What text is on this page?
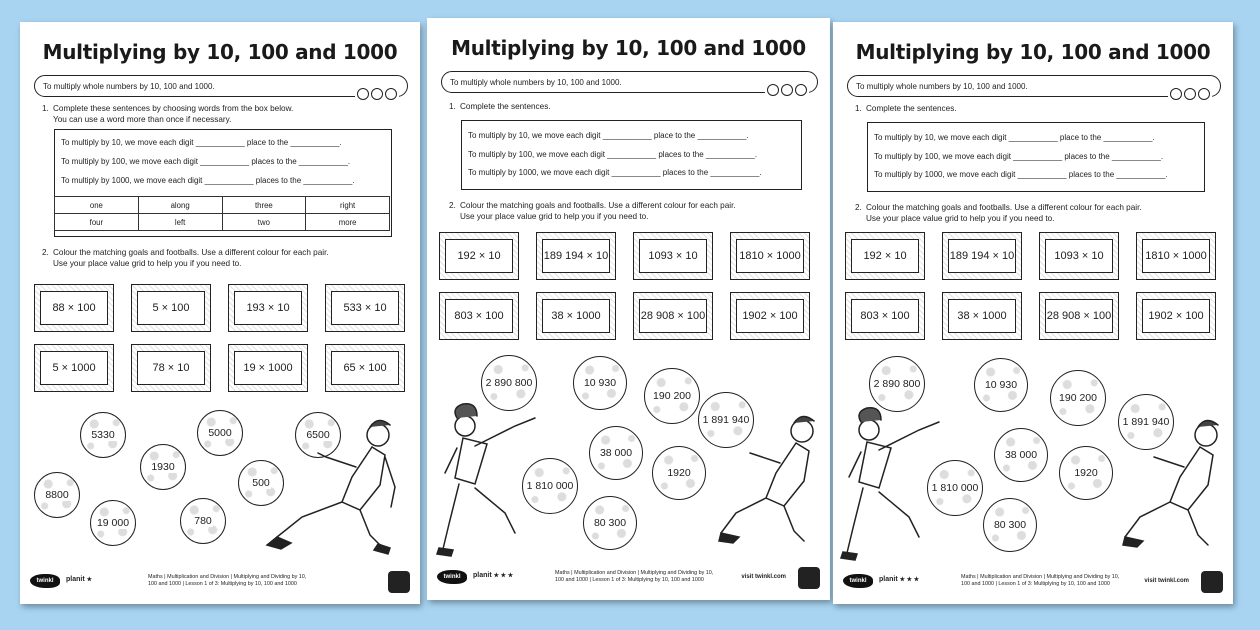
Multiplying by 10, 100 and 1000
To multiply whole numbers by 10, 100 and 1000.
1. Complete these sentences by choosing words from the box below.
You can use a word more than once if necessary.
To multiply by 10, we move each digit ___________ place to the ___________.
To multiply by 100, we move each digit ___________ places to the ___________.
To multiply by 1000, we move each digit ___________ places to the ___________.
one	along	three	right
four	left	two	more
2. Colour the matching goals and footballs. Use a different colour for each pair.
Use your place value grid to help you if you need to.
88 × 100	5 × 100	193 × 10	533 × 10
5 × 1000	78 × 10	19 × 1000	65 × 100
5330	5000	6500
1930
8800
500
19 000	780
twinkl	planit ★	Maths | Multiplication and Division | Multiplying and Dividing by 10, 100 and 1000 | Lesson 1 of 3: Multiplying by 10, 100 and 1000
Multiplying by 10, 100 and 1000
To multiply whole numbers by 10, 100 and 1000.
1. Complete the sentences.
To multiply by 10, we move each digit ___________ place to the ___________.
To multiply by 100, we move each digit ___________ places to the ___________.
To multiply by 1000, we move each digit ___________ places to the ___________.
2. Colour the matching goals and footballs. Use a different colour for each pair.
Use your place value grid to help you if you need to.
192 × 10	189 194 × 10	1093 × 10	1810 × 1000
803 × 100	38 × 1000	28 908 × 100	1902 × 100
2 890 800	10 930
190 200
1 891 940
38 000
1 810 000
1920
80 300
twinkl	planit ★ ★ ★	Maths | Multiplication and Division | Multiplying and Dividing by 10, 100 and 1000 | Lesson 1 of 3: Multiplying by 10, 100 and 1000	visit twinkl.com
Multiplying by 10, 100 and 1000
To multiply whole numbers by 10, 100 and 1000.
1. Complete the sentences.
To multiply by 10, we move each digit ___________ place to the ___________.
To multiply by 100, we move each digit ___________ places to the ___________.
To multiply by 1000, we move each digit ___________ places to the ___________.
2. Colour the matching goals and footballs. Use a different colour for each pair.
Use your place value grid to help you if you need to.
192 × 10	189 194 × 10	1093 × 10	1810 × 1000
803 × 100	38 × 1000	28 908 × 100	1902 × 100
2 890 800	10 930
190 200
1 891 940
38 000
1 810 000
1920
80 300
twinkl	planit ★ ★ ★	Maths | Multiplication and Division | Multiplying and Dividing by 10, 100 and 1000 | Lesson 1 of 3: Multiplying by 10, 100 and 1000	visit twinkl.com
